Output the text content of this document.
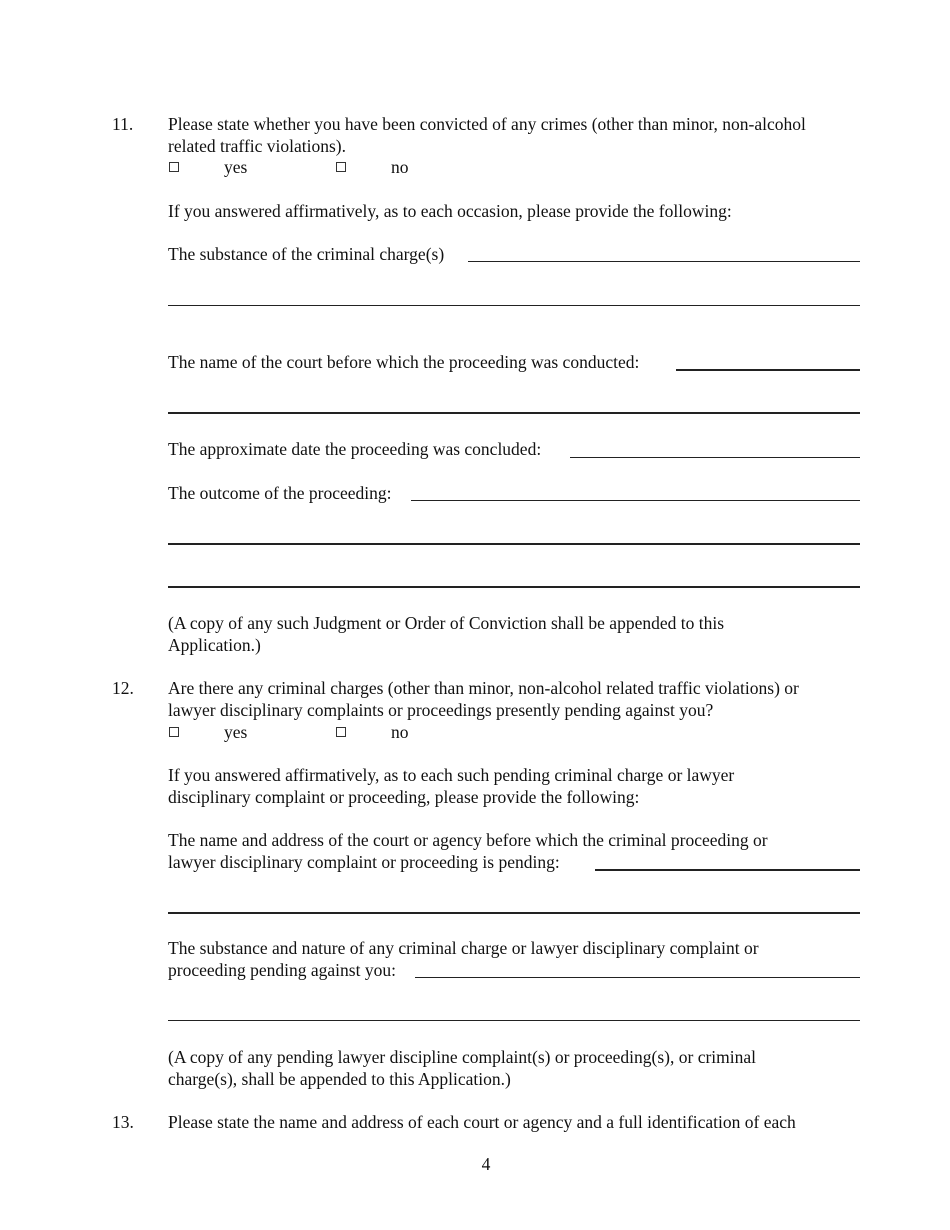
11. Please state whether you have been convicted of any crimes (other than minor, non-alcohol
related traffic violations).
yes	no
If you answered affirmatively, as to each occasion, please provide the following:
The substance of the criminal charge(s)
The name of the court before which the proceeding was conducted:
The approximate date the proceeding was concluded:
The outcome of the proceeding:
(A copy of any such Judgment or Order of Conviction shall be appended to this
Application.)
12. Are there any criminal charges (other than minor, non-alcohol related traffic violations) or
lawyer disciplinary complaints or proceedings presently pending against you?
yes	no
If you answered affirmatively, as to each such pending criminal charge or lawyer
disciplinary complaint or proceeding, please provide the following:
The name and address of the court or agency before which the criminal proceeding or
lawyer disciplinary complaint or proceeding is pending:
The substance and nature of any criminal charge or lawyer disciplinary complaint or
proceeding pending against you:
(A copy of any pending lawyer discipline complaint(s) or proceeding(s), or criminal
charge(s), shall be appended to this Application.)
13. Please state the name and address of each court or agency and a full identification of each
4
